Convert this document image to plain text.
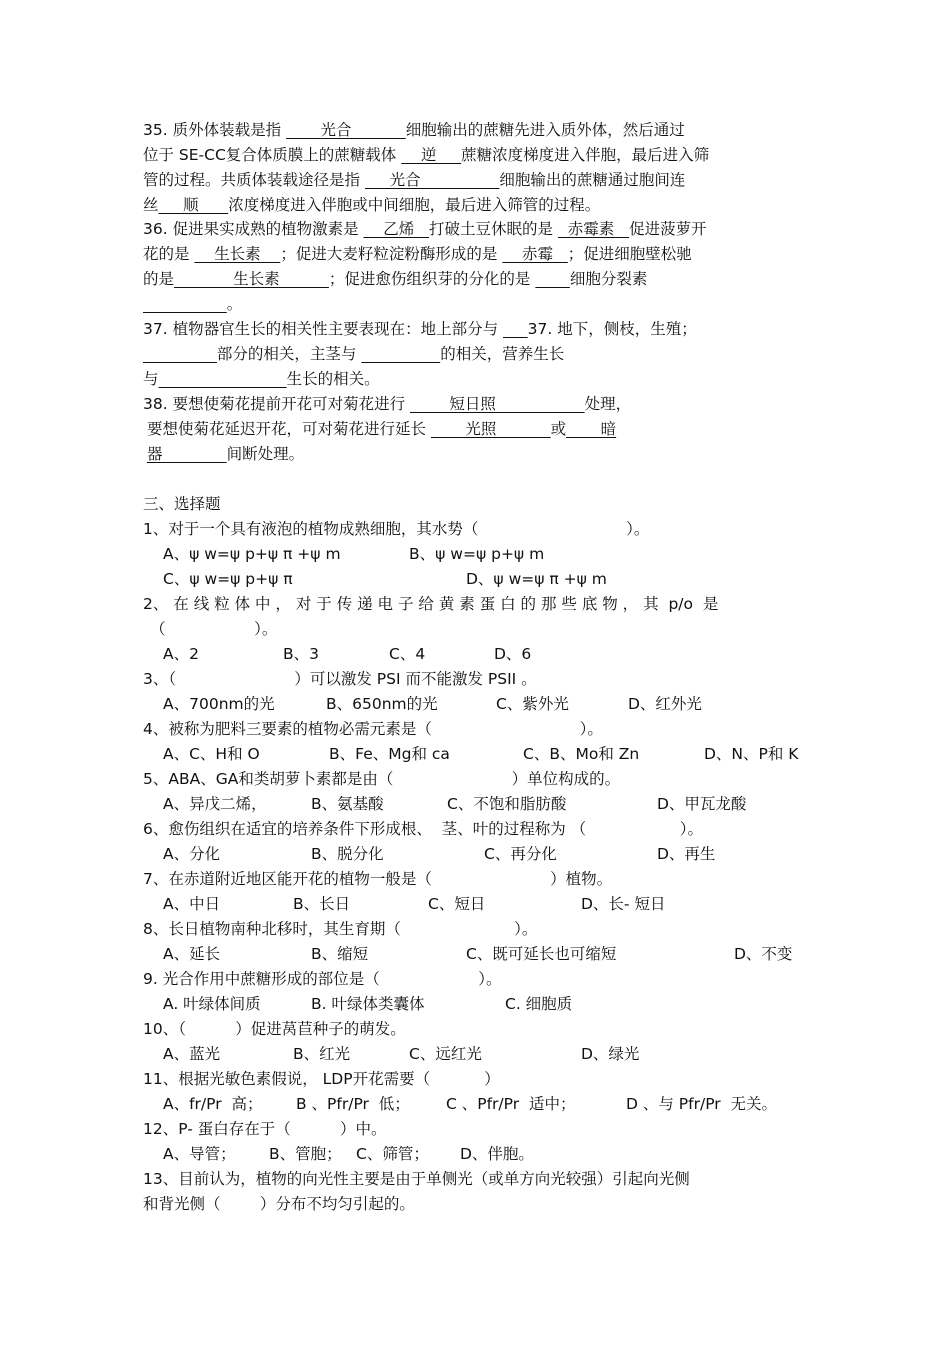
35. 质外体装载是指        光合           细胞输出的蔗糖先进入质外体，然后通过
位于 SE-CC复合体质膜上的蔗糖载体     逆     蔗糖浓度梯度进入伴胞，最后进入筛
管的过程。共质体装载途径是指      光合                细胞输出的蔗糖通过胞间连
丝     顺      浓度梯度进入伴胞或中间细胞，最后进入筛管的过程。
36. 促进果实成熟的植物激素是     乙烯   打破土豆休眠的是   赤霉素   促进菠萝开
花的是     生长素    ；促进大麦籽粒淀粉酶形成的是     赤霉   ；促进细胞壁松驰
的是            生长素          ；促进愈伤组织芽的分化的是        细胞分裂素
。
37. 植物器官生长的相关性主要表现在：地上部分与      37. 地下，侧枝，生殖；
部分的相关，主茎与	的相关，营养生长
与	生长的相关。
38. 要想使菊花提前开花可对菊花进行         短日照                  处理，
要想使菊花延迟开花，可对菊花进行延长        光照           或       暗
器             间断处理。
三、选择题
1、对于一个具有液泡的植物成熟细胞，其水势（                              ）。
A、ψ w=ψ p+ψ π +ψ m	B、ψ w=ψ p+ψ m
C、ψ w=ψ p+ψ π	D、ψ w=ψ π +ψ m
2、 在 线 粒 体 中 ， 对 于 传 递 电 子 给 黄 素 蛋 白 的 那 些 底 物 ， 其  p/o  是
（                  ）。
A、2	B、3	C、4	D、6
3、（                        ）可以激发 PSI 而不能激发 PSII 。
A、700nm的光	B、650nm的光	C、紫外光	D、红外光
4、被称为肥料三要素的植物必需元素是（                              ）。
A、C、H和 O	B、Fe、Mg和 ca	C、B、Mo和 Zn	D、N、P和 K
5、ABA、GA和类胡萝卜素都是由（                        ）单位构成的。
A、异戊二烯，	B、氨基酸	C、不饱和脂肪酸	D、甲瓦龙酸
6、愈伤组织在适宜的培养条件下形成根、  茎、叶的过程称为 （                   ）。
A、分化	B、脱分化	C、再分化	D、再生
7、在赤道附近地区能开花的植物一般是（                        ）植物。
A、中日	B、长日	C、短日	D、长- 短日
8、长日植物南种北移时，其生育期（                       ）。
A、延长	B、缩短	C、既可延长也可缩短	D、不变
9. 光合作用中蔗糖形成的部位是（                    ）。
A. 叶绿体间质	B. 叶绿体类囊体	C. 细胞质
10、（          ）促进莴苣种子的萌发。
A、蓝光	B、红光	C、远红光	D、绿光
11、根据光敏色素假说， LDP开花需要（           ）
A、fr/Pr  高； B 、Pfr/Pr  低； C 、Pfr/Pr  适中；	D 、与 Pfr/Pr  无关。
12、P- 蛋白存在于（          ）中。
A、导管； B、管胞； C、筛管； D、伴胞。
13、目前认为，植物的向光性主要是由于单侧光（或单方向光较强）引起向光侧
和背光侧（        ）分布不均匀引起的。
